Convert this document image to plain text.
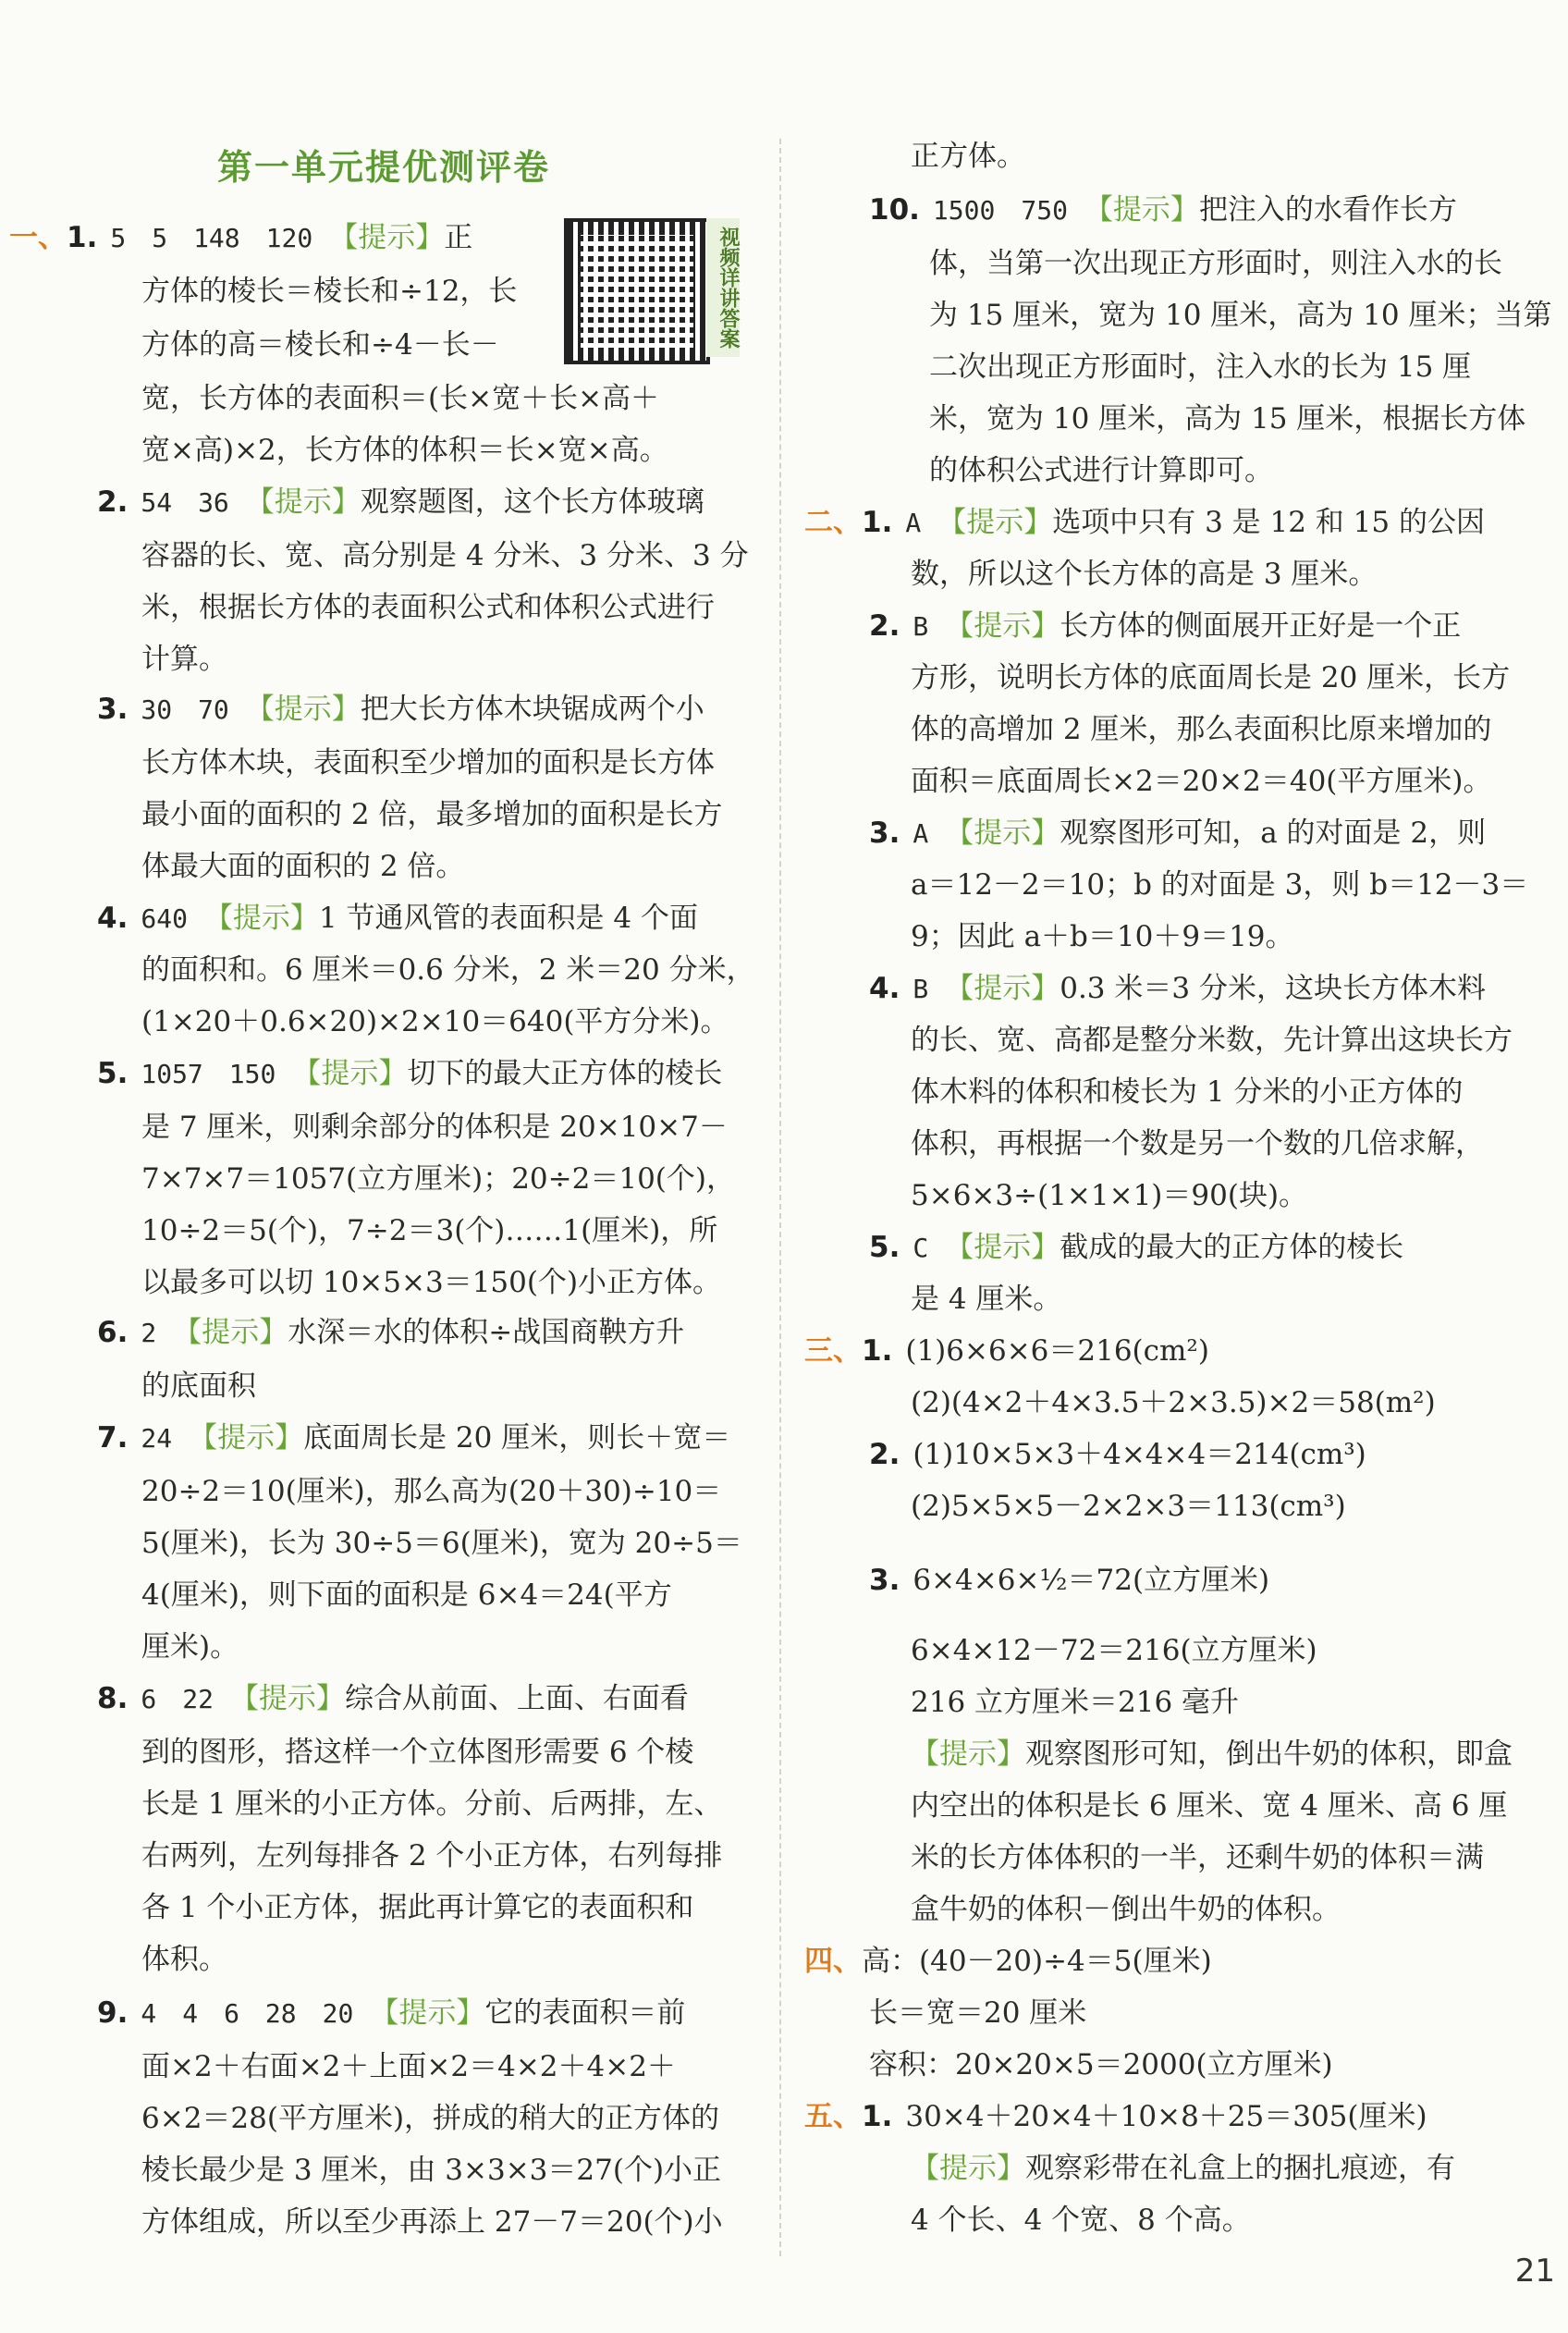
第一单元提优测评卷
视频详讲答案
一、1. 5　5　148　120 【提示】正
方体的棱长＝棱长和÷12，长
方体的高＝棱长和÷4－长－
宽，长方体的表面积＝(长×宽＋长×高＋
宽×高)×2，长方体的体积＝长×宽×高。
2. 54　36 【提示】观察题图，这个长方体玻璃
容器的长、宽、高分别是 4 分米、3 分米、3 分
米，根据长方体的表面积公式和体积公式进行
计算。
3. 30　70 【提示】把大长方体木块锯成两个小
长方体木块，表面积至少增加的面积是长方体
最小面的面积的 2 倍，最多增加的面积是长方
体最大面的面积的 2 倍。
4. 640 【提示】1 节通风管的表面积是 4 个面
的面积和。6 厘米＝0.6 分米，2 米＝20 分米，
(1×20＋0.6×20)×2×10＝640(平方分米)。
5. 1057　150 【提示】切下的最大正方体的棱长
是 7 厘米，则剩余部分的体积是 20×10×7－
7×7×7＝1057(立方厘米)；20÷2＝10(个)，
10÷2＝5(个)，7÷2＝3(个)……1(厘米)，所
以最多可以切 10×5×3＝150(个)小正方体。
6. 2 【提示】水深＝水的体积÷战国商鞅方升
的底面积
7. 24 【提示】底面周长是 20 厘米，则长＋宽＝
20÷2＝10(厘米)，那么高为(20＋30)÷10＝
5(厘米)，长为 30÷5＝6(厘米)，宽为 20÷5＝
4(厘米)，则下面的面积是 6×4＝24(平方
厘米)。
8. 6　22 【提示】综合从前面、上面、右面看
到的图形，搭这样一个立体图形需要 6 个棱
长是 1 厘米的小正方体。分前、后两排，左、
右两列，左列每排各 2 个小正方体，右列每排
各 1 个小正方体，据此再计算它的表面积和
体积。
9. 4　4　6　28　20 【提示】它的表面积＝前
面×2＋右面×2＋上面×2＝4×2＋4×2＋
6×2＝28(平方厘米)，拼成的稍大的正方体的
棱长最少是 3 厘米，由 3×3×3＝27(个)小正
方体组成，所以至少再添上 27－7＝20(个)小
正方体。
10. 1500　750 【提示】把注入的水看作长方
体，当第一次出现正方形面时，则注入水的长
为 15 厘米，宽为 10 厘米，高为 10 厘米；当第
二次出现正方形面时，注入水的长为 15 厘
米，宽为 10 厘米，高为 15 厘米，根据长方体
的体积公式进行计算即可。
二、1. A 【提示】选项中只有 3 是 12 和 15 的公因
数，所以这个长方体的高是 3 厘米。
2. B 【提示】长方体的侧面展开正好是一个正
方形，说明长方体的底面周长是 20 厘米，长方
体的高增加 2 厘米，那么表面积比原来增加的
面积＝底面周长×2＝20×2＝40(平方厘米)。
3. A 【提示】观察图形可知，a 的对面是 2，则
a＝12－2＝10；b 的对面是 3，则 b＝12－3＝
9；因此 a＋b＝10＋9＝19。
4. B 【提示】0.3 米＝3 分米，这块长方体木料
的长、宽、高都是整分米数，先计算出这块长方
体木料的体积和棱长为 1 分米的小正方体的
体积，再根据一个数是另一个数的几倍求解，
5×6×3÷(1×1×1)＝90(块)。
5. C 【提示】截成的最大的正方体的棱长
是 4 厘米。
三、1. (1)6×6×6＝216(cm²)
(2)(4×2＋4×3.5＋2×3.5)×2＝58(m²)
2. (1)10×5×3＋4×4×4＝214(cm³)
(2)5×5×5－2×2×3＝113(cm³)
3. 6×4×6×½＝72(立方厘米)
6×4×12－72＝216(立方厘米)
216 立方厘米＝216 毫升
【提示】观察图形可知，倒出牛奶的体积，即盒
内空出的体积是长 6 厘米、宽 4 厘米、高 6 厘
米的长方体体积的一半，还剩牛奶的体积＝满
盒牛奶的体积－倒出牛奶的体积。
四、高：(40－20)÷4＝5(厘米)
长＝宽＝20 厘米
容积：20×20×5＝2000(立方厘米)
五、1. 30×4＋20×4＋10×8＋25＝305(厘米)
【提示】观察彩带在礼盒上的捆扎痕迹，有
4 个长、4 个宽、8 个高。
21
